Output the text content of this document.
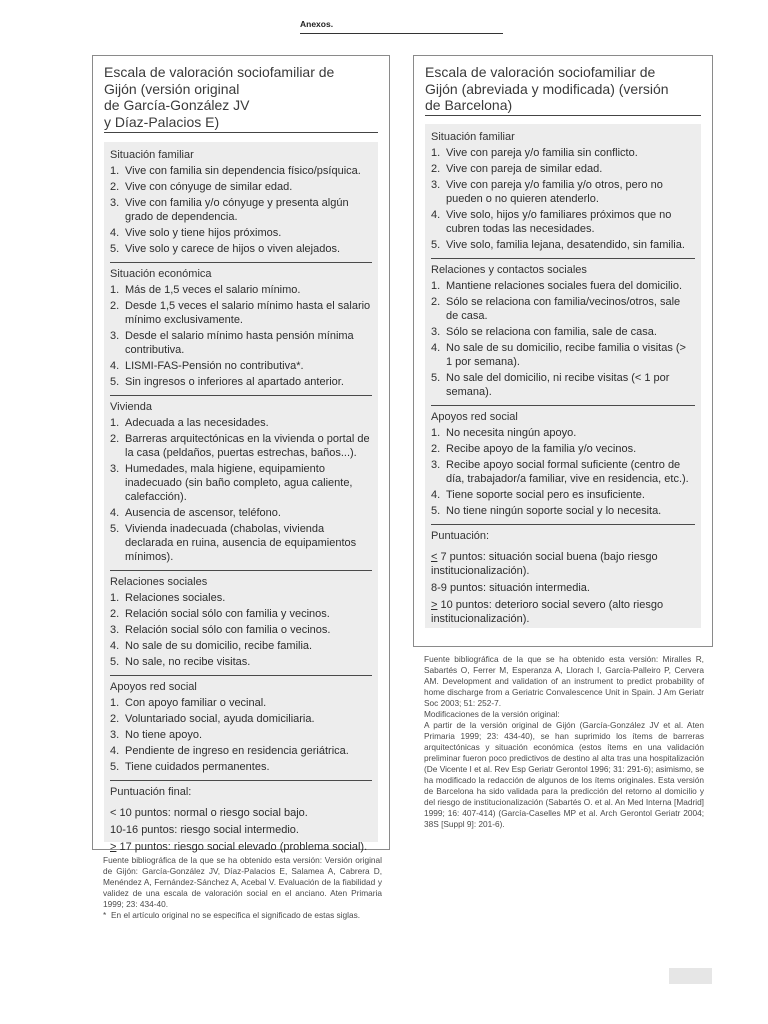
Anexos.
Escala de valoración sociofamiliar de
Gijón (versión original
de García-González JV
y Díaz-Palacios E)
Situación familiar
1. Vive con familia sin dependencia físico/psíquica.
2. Vive con cónyuge de similar edad.
3. Vive con familia y/o cónyuge y presenta algún grado de dependencia.
4. Vive solo y tiene hijos próximos.
5. Vive solo y carece de hijos o viven alejados.
Situación económica
1. Más de 1,5 veces el salario mínimo.
2. Desde 1,5 veces el salario mínimo hasta el salario mínimo exclusivamente.
3. Desde el salario mínimo hasta pensión mínima contributiva.
4. LISMI-FAS-Pensión no contributiva*.
5. Sin ingresos o inferiores al apartado anterior.
Vivienda
1. Adecuada a las necesidades.
2. Barreras arquitectónicas en la vivienda o portal de la casa (peldaños, puertas estrechas, baños...).
3. Humedades, mala higiene, equipamiento inadecuado (sin baño completo, agua caliente, calefacción).
4. Ausencia de ascensor, teléfono.
5. Vivienda inadecuada (chabolas, vivienda declarada en ruina, ausencia de equipamientos mínimos).
Relaciones sociales
1. Relaciones sociales.
2. Relación social sólo con familia y vecinos.
3. Relación social sólo con familia o vecinos.
4. No sale de su domicilio, recibe familia.
5. No sale, no recibe visitas.
Apoyos red social
1. Con apoyo familiar o vecinal.
2. Voluntariado social, ayuda domiciliaria.
3. No tiene apoyo.
4. Pendiente de ingreso en residencia geriátrica.
5. Tiene cuidados permanentes.
Puntuación final:
< 10 puntos: normal o riesgo social bajo.
10-16 puntos: riesgo social intermedio.
> 17 puntos: riesgo social elevado (problema social).

Fuente bibliográfica de la que se ha obtenido esta versión: Versión original de Gijón: García-González JV, Díaz-Palacios E, Salamea A, Cabrera D, Menéndez A, Fernández-Sánchez A, Acebal V. Evaluación de la fiabilidad y validez de una escala de valoración social en el anciano. Aten Primaria 1999; 23: 434-40.

* En el artículo original no se especifica el significado de estas siglas.
Escala de valoración sociofamiliar de
Gijón (abreviada y modificada) (versión
de Barcelona)
Situación familiar
1. Vive con pareja y/o familia sin conflicto.
2. Vive con pareja de similar edad.
3. Vive con pareja y/o familia y/o otros, pero no pueden o no quieren atenderlo.
4. Vive solo, hijos y/o familiares próximos que no cubren todas las necesidades.
5. Vive solo, familia lejana, desatendido, sin familia.
Relaciones y contactos sociales
1. Mantiene relaciones sociales fuera del domicilio.
2. Sólo se relaciona con familia/vecinos/otros, sale de casa.
3. Sólo se relaciona con familia, sale de casa.
4. No sale de su domicilio, recibe familia o visitas (> 1 por semana).
5. No sale del domicilio, ni recibe visitas (< 1 por semana).
Apoyos red social
1. No necesita ningún apoyo.
2. Recibe apoyo de la familia y/o vecinos.
3. Recibe apoyo social formal suficiente (centro de día, trabajador/a familiar, vive en residencia, etc.).
4. Tiene soporte social pero es insuficiente.
5. No tiene ningún soporte social y lo necesita.
Puntuación:
< 7 puntos: situación social buena (bajo riesgo institucionalización).
8-9 puntos: situación intermedia.
> 10 puntos: deterioro social severo (alto riesgo institucionalización).

Fuente bibliográfica de la que se ha obtenido esta versión: Miralles R, Sabartés O, Ferrer M, Esperanza A, Llorach I, García-Palleiro P, Cervera AM. Development and validation of an instrument to predict probability of home discharge from a Geriatric Convalescence Unit in Spain. J Am Geriatr Soc 2003; 51: 252-7.

Modificaciones de la versión original:

A partir de la versión original de Gijón (García-González JV et al. Aten Primaria 1999; 23: 434-40), se han suprimido los ítems de barreras arquitectónicas y situación económica (estos ítems en una validación preliminar fueron poco predictivos de destino al alta tras una hospitalización (De Vicente I et al. Rev Esp Geriatr Gerontol 1996; 31: 291-6); asimismo, se ha modificado la redacción de algunos de los ítems originales. Esta versión de Barcelona ha sido validada para la predicción del retorno al domicilio y del riesgo de institucionalización (Sabartés O. et al. An Med Interna [Madrid] 1999; 16: 407-414) (García-Caselles MP et al. Arch Gerontol Geriatr 2004; 38S [Suppl 9]: 201-6).
